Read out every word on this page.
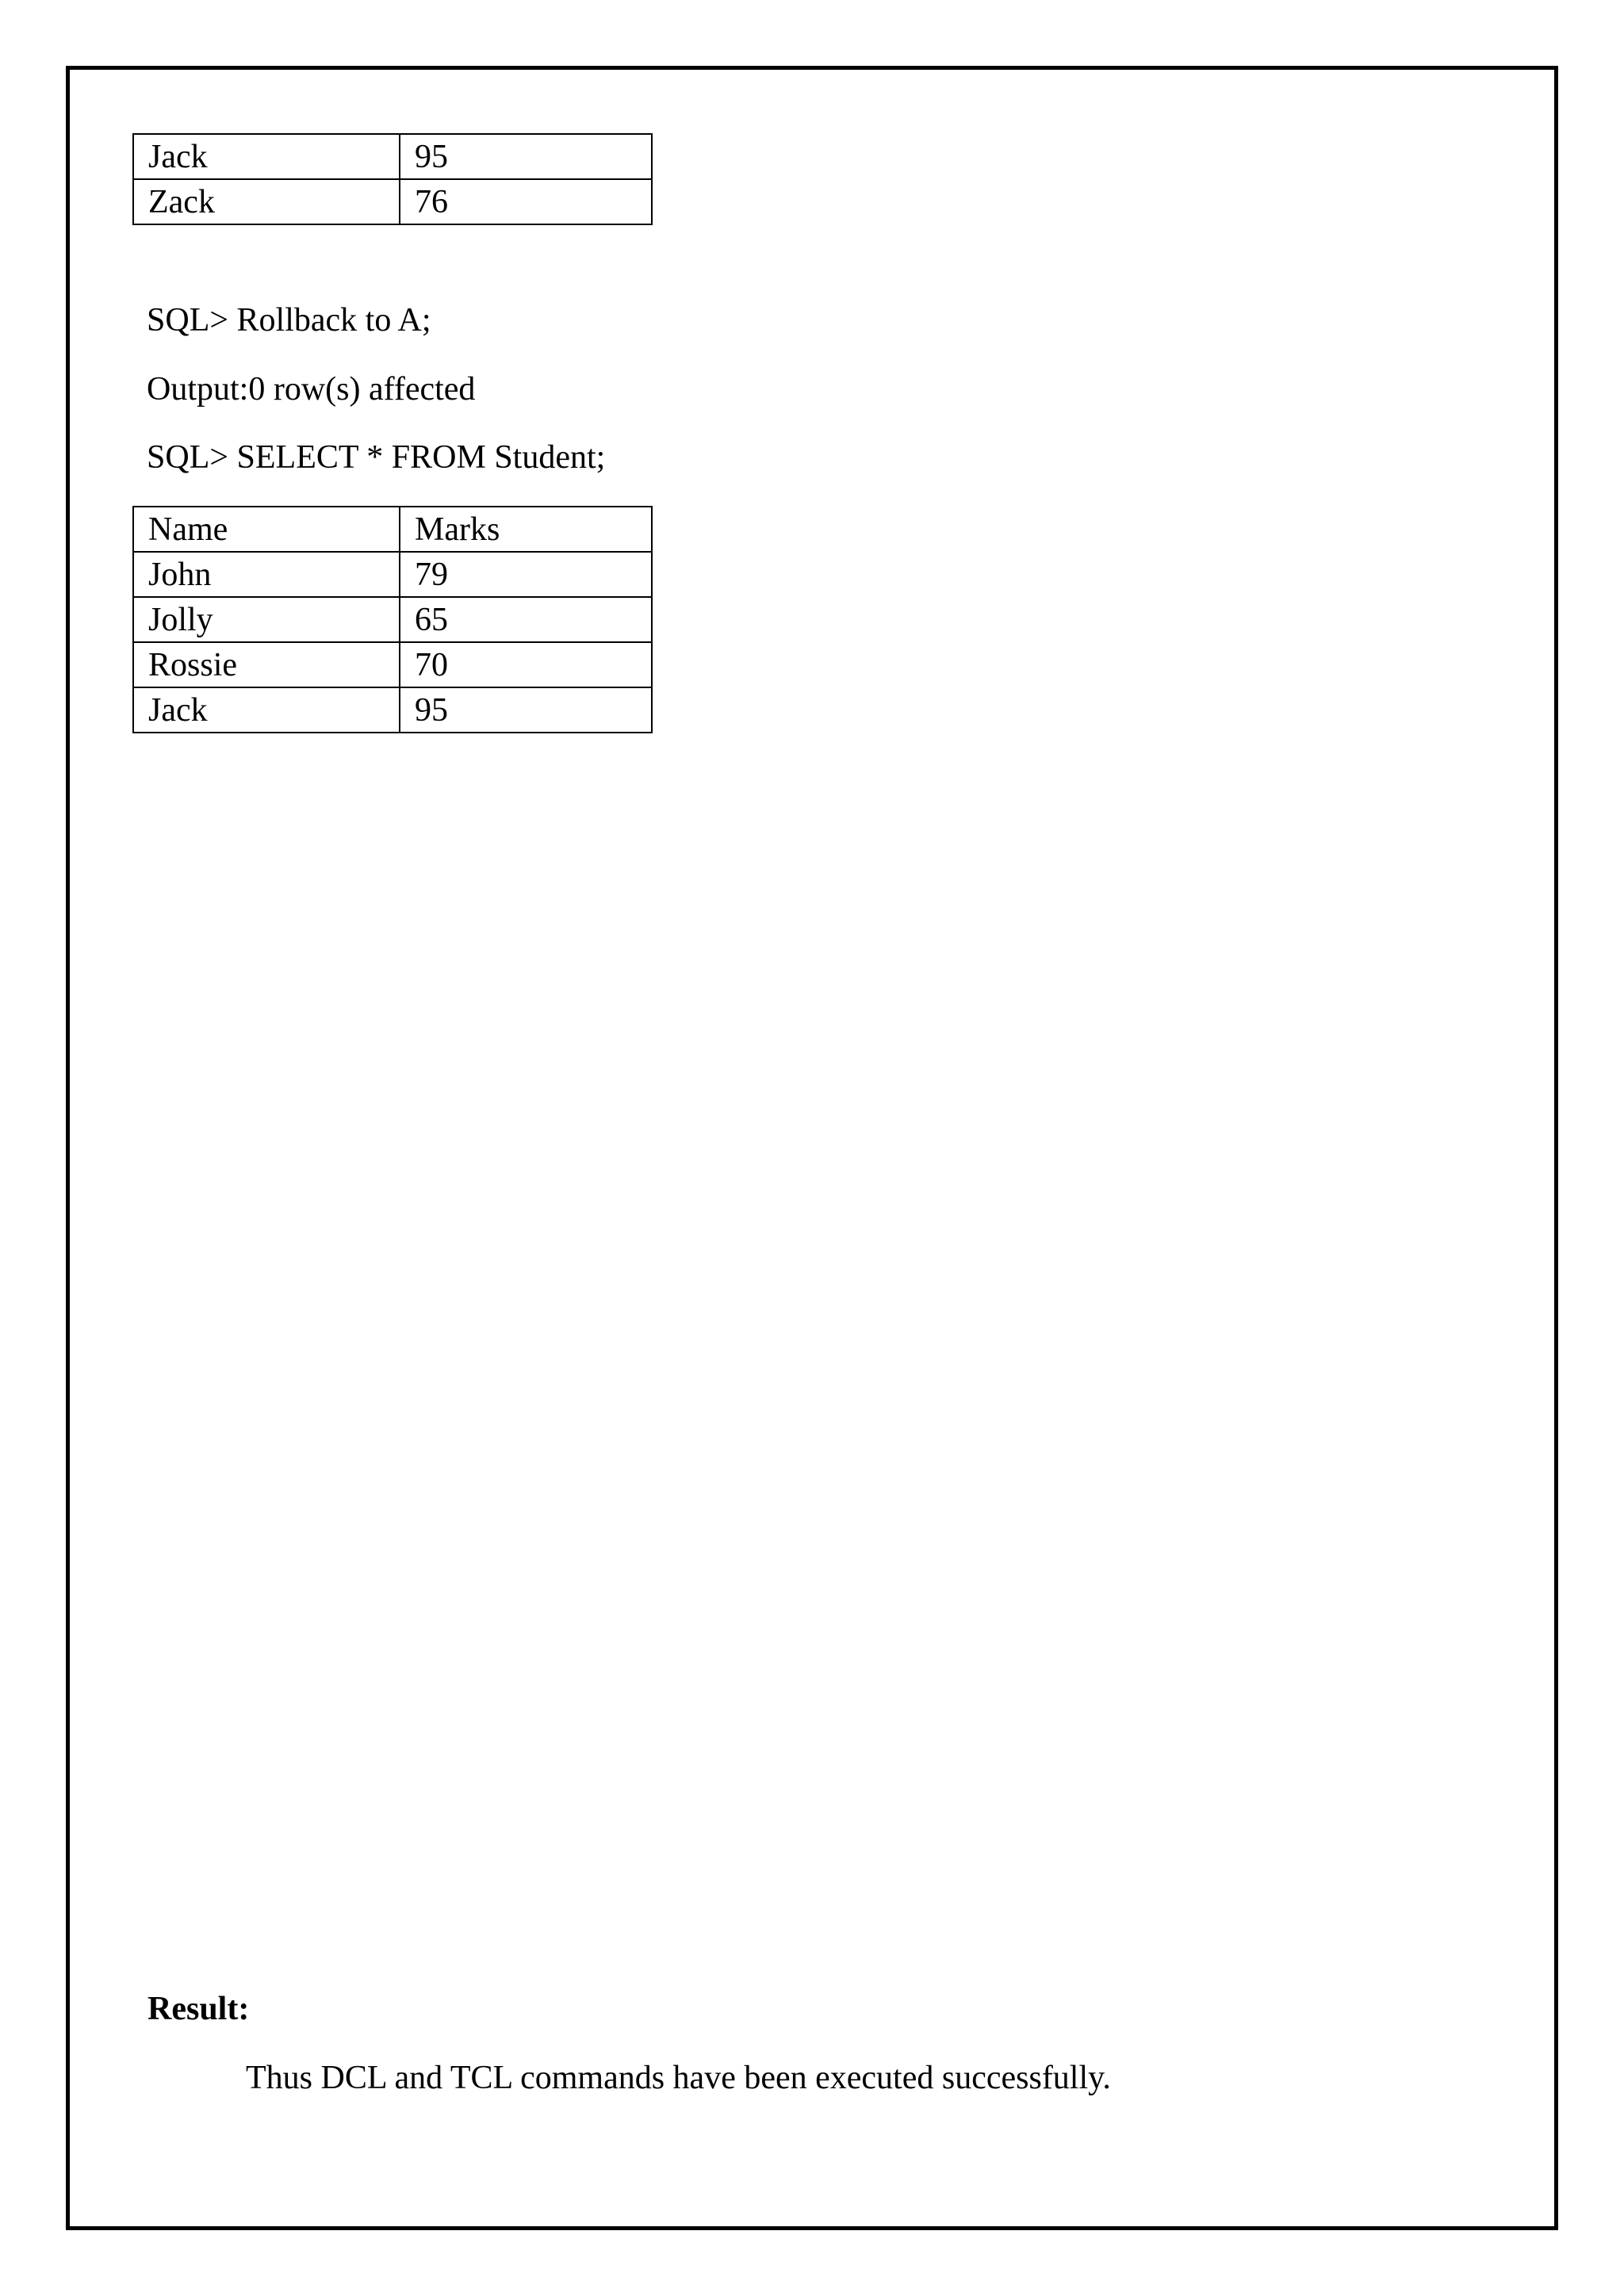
Jack	95
Zack	76
SQL> Rollback to A;
Output:0 row(s) affected
SQL> SELECT * FROM Student;
Name	Marks
John	79
Jolly	65
Rossie	70
Jack	95
Result:
Thus DCL and TCL commands have been executed successfully.
